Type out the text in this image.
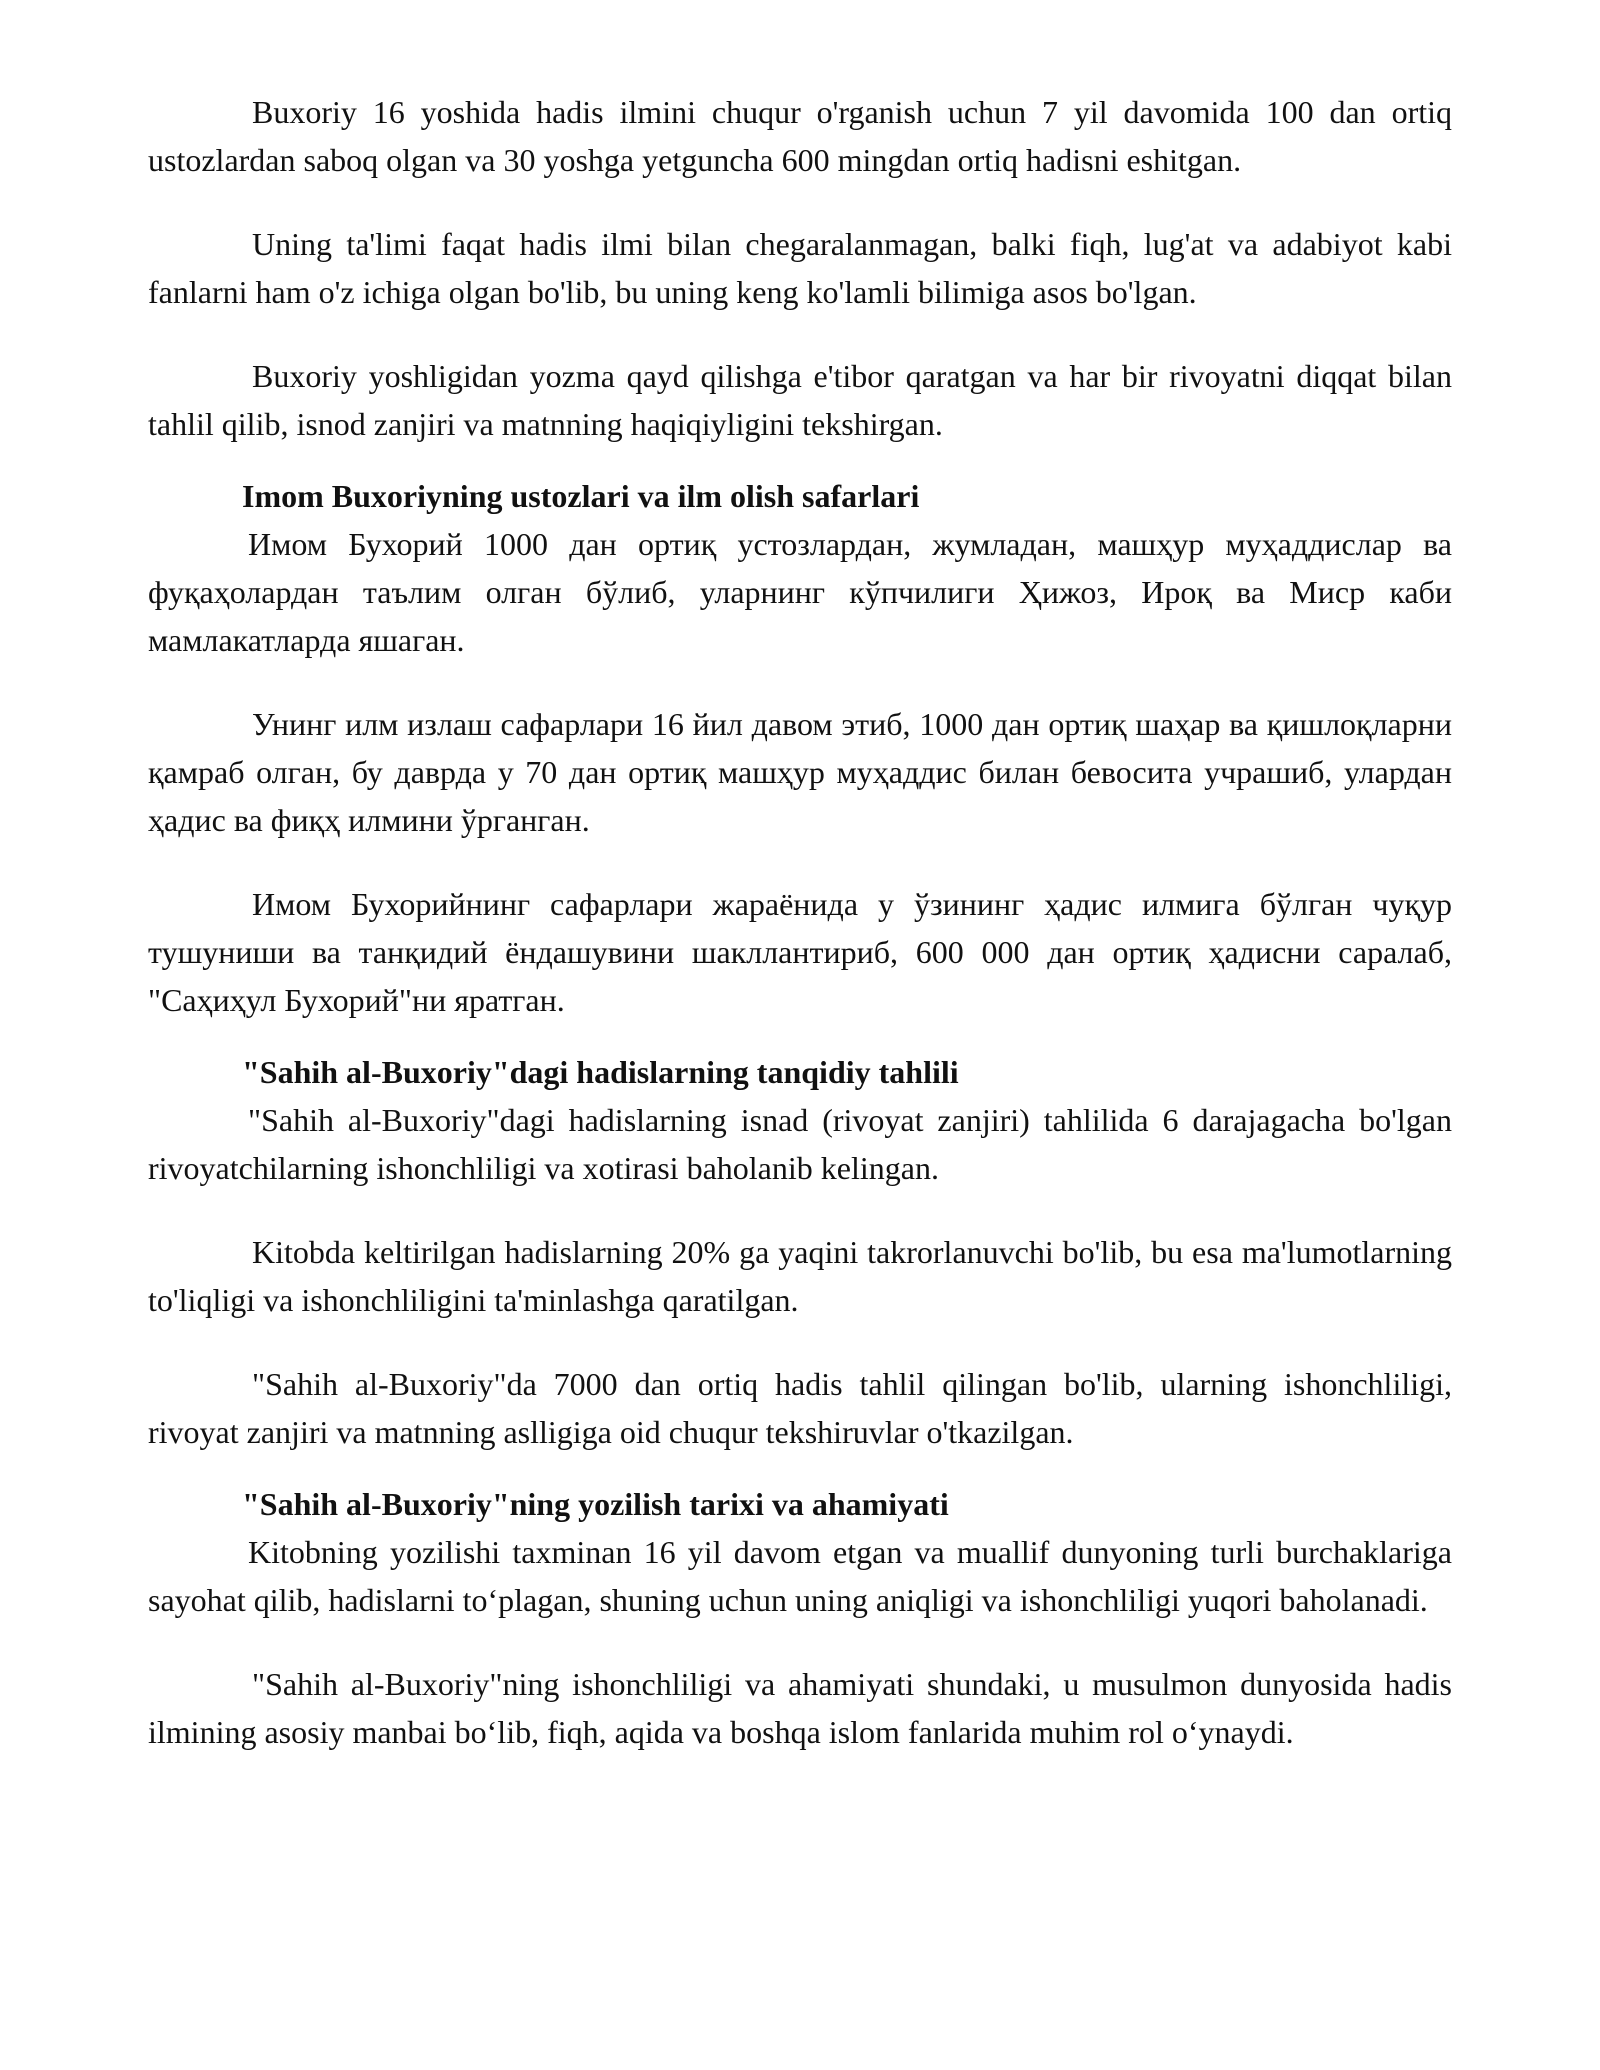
Buxoriy 16 yoshida hadis ilmini chuqur o'rganish uchun 7 yil davomida 100 dan ortiq ustozlardan saboq olgan va 30 yoshga yetguncha 600 mingdan ortiq hadisni eshitgan.

Uning ta'limi faqat hadis ilmi bilan chegaralanmagan, balki fiqh, lug'at va adabiyot kabi fanlarni ham o'z ichiga olgan bo'lib, bu uning keng ko'lamli bilimiga asos bo'lgan.

Buxoriy yoshligidan yozma qayd qilishga e'tibor qaratgan va har bir rivoyatni diqqat bilan tahlil qilib, isnod zanjiri va matnning haqiqiyligini tekshirgan.

Imom Buxoriyning ustozlari va ilm olish safarlari

Имом Бухорий 1000 дан ортиқ устозлардан, жумладан, машҳур муҳаддислар ва фуқаҳолардан таълим олган бўлиб, уларнинг кўпчилиги Ҳижоз, Ироқ ва Миср каби мамлакатларда яшаган.

Унинг илм излаш сафарлари 16 йил давом этиб, 1000 дан ортиқ шаҳар ва қишлоқларни қамраб олган, бу даврда у 70 дан ортиқ машҳур муҳаддис билан бевосита учрашиб, улардан ҳадис ва фиқҳ илмини ўрганган.

Имом Бухорийнинг сафарлари жараёнида у ўзининг ҳадис илмига бўлган чуқур тушуниши ва танқидий ёндашувини шакллантириб, 600 000 дан ортиқ ҳадисни саралаб, "Саҳиҳул Бухорий"ни яратган.

"Sahih al-Buxoriy"dagi hadislarning tanqidiy tahlili

"Sahih al-Buxoriy"dagi hadislarning isnad (rivoyat zanjiri) tahlilida 6 darajagacha bo'lgan rivoyatchilarning ishonchliligi va xotirasi baholanib kelingan.

Kitobda keltirilgan hadislarning 20% ga yaqini takrorlanuvchi bo'lib, bu esa ma'lumotlarning to'liqligi va ishonchliligini ta'minlashga qaratilgan.

"Sahih al-Buxoriy"da 7000 dan ortiq hadis tahlil qilingan bo'lib, ularning ishonchliligi, rivoyat zanjiri va matnning aslligiga oid chuqur tekshiruvlar o'tkazilgan.

"Sahih al-Buxoriy"ning yozilish tarixi va ahamiyati

Kitobning yozilishi taxminan 16 yil davom etgan va muallif dunyoning turli burchaklariga sayohat qilib, hadislarni to‘plagan, shuning uchun uning aniqligi va ishonchliligi yuqori baholanadi.

"Sahih al-Buxoriy"ning ishonchliligi va ahamiyati shundaki, u musulmon dunyosida hadis ilmining asosiy manbai bo‘lib, fiqh, aqida va boshqa islom fanlarida muhim rol o‘ynaydi.
